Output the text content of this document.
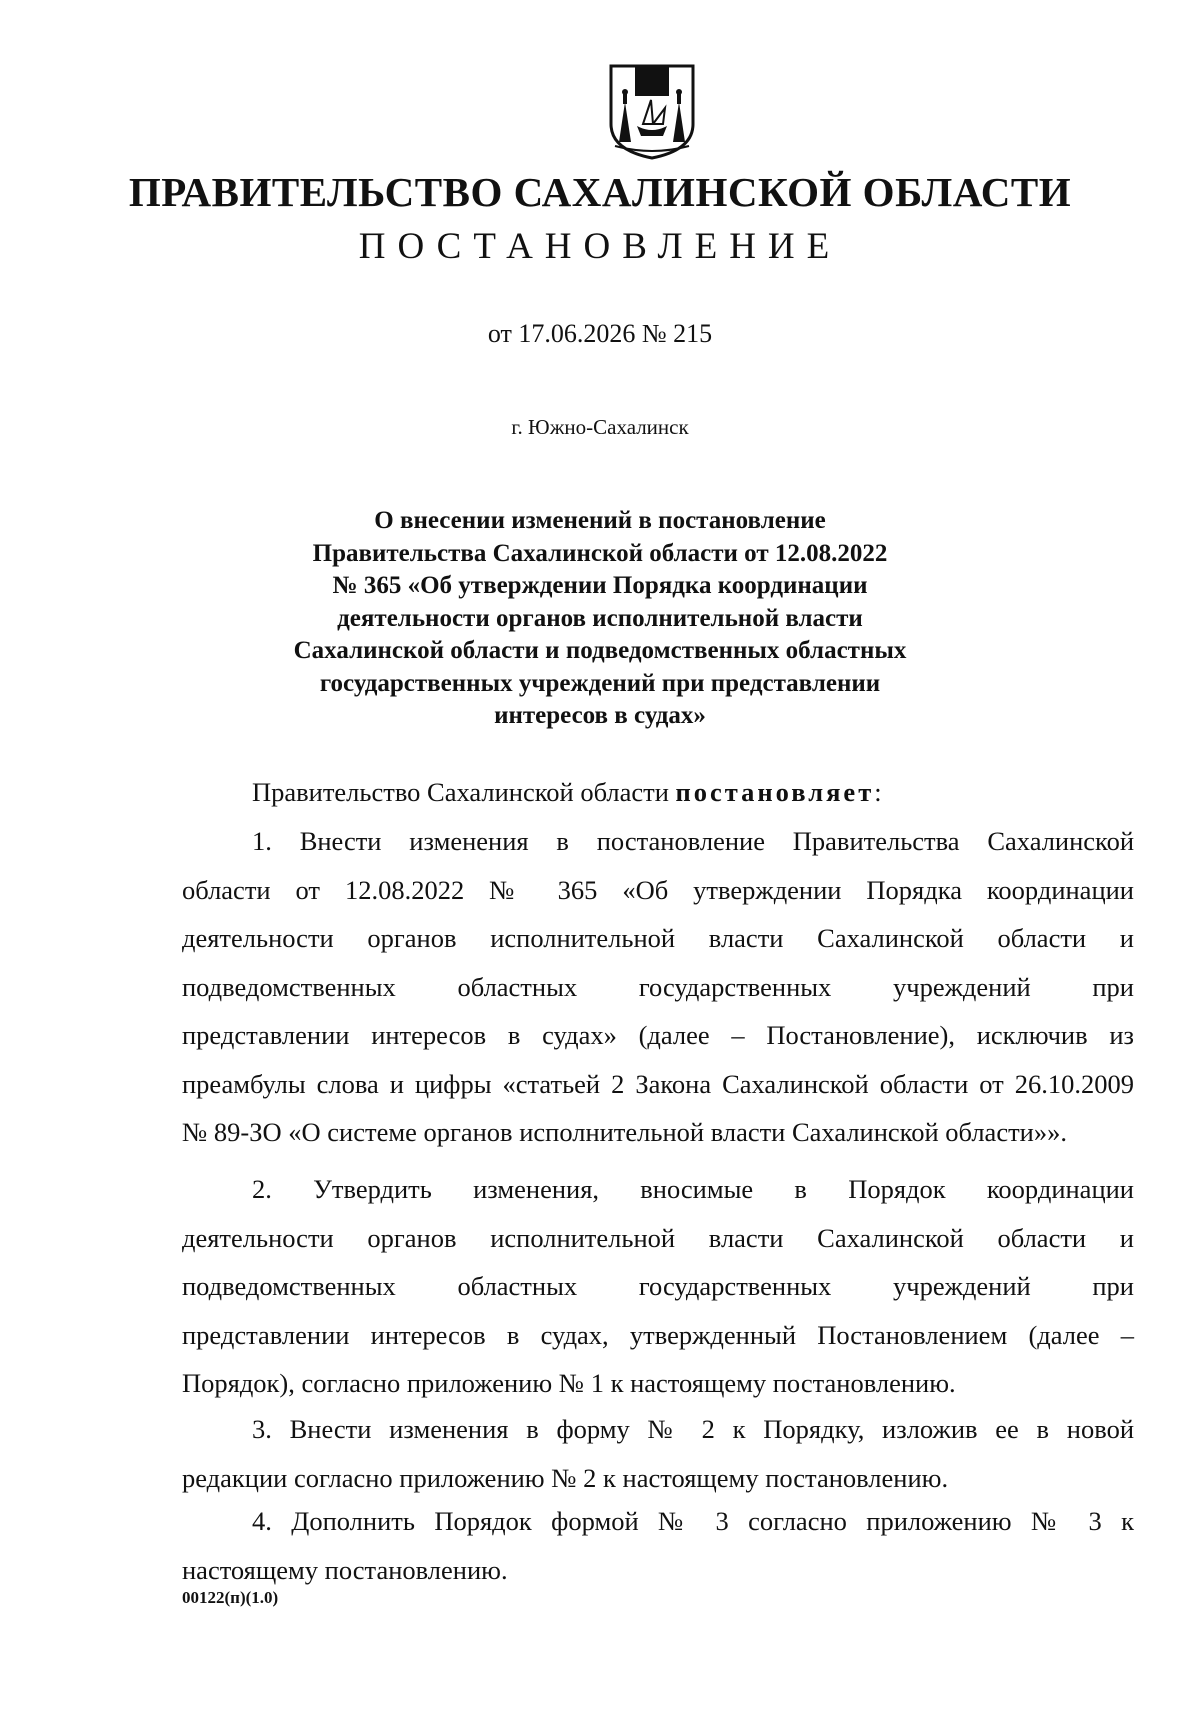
ПРАВИТЕЛЬСТВО САХАЛИНСКОЙ ОБЛАСТИ
ПОСТАНОВЛЕНИЕ
от 17.06.2026 № 215
г. Южно-Сахалинск
О внесении изменений в постановление
Правительства Сахалинской области от 12.08.2022
№ 365 «Об утверждении Порядка координации
деятельности органов исполнительной власти
Сахалинской области и подведомственных областных
государственных учреждений при представлении
интересов в судах»
Правительство Сахалинской области постановляет:
1. Внести изменения в постановление Правительства Сахалинской
области от 12.08.2022 № 365 «Об утверждении Порядка координации
деятельности органов исполнительной власти Сахалинской области и
подведомственных областных государственных учреждений при
представлении интересов в судах» (далее – Постановление), исключив из
преамбулы слова и цифры «статьей 2 Закона Сахалинской области от 26.10.2009
№ 89-ЗО «О системе органов исполнительной власти Сахалинской области»».
2. Утвердить изменения, вносимые в Порядок координации
деятельности органов исполнительной власти Сахалинской области и
подведомственных областных государственных учреждений при
представлении интересов в судах, утвержденный Постановлением (далее –
Порядок), согласно приложению № 1 к настоящему постановлению.
3. Внести изменения в форму № 2 к Порядку, изложив ее в новой
редакции согласно приложению № 2 к настоящему постановлению.
4. Дополнить Порядок формой № 3 согласно приложению № 3 к
настоящему постановлению.
00122(п)(1.0)
